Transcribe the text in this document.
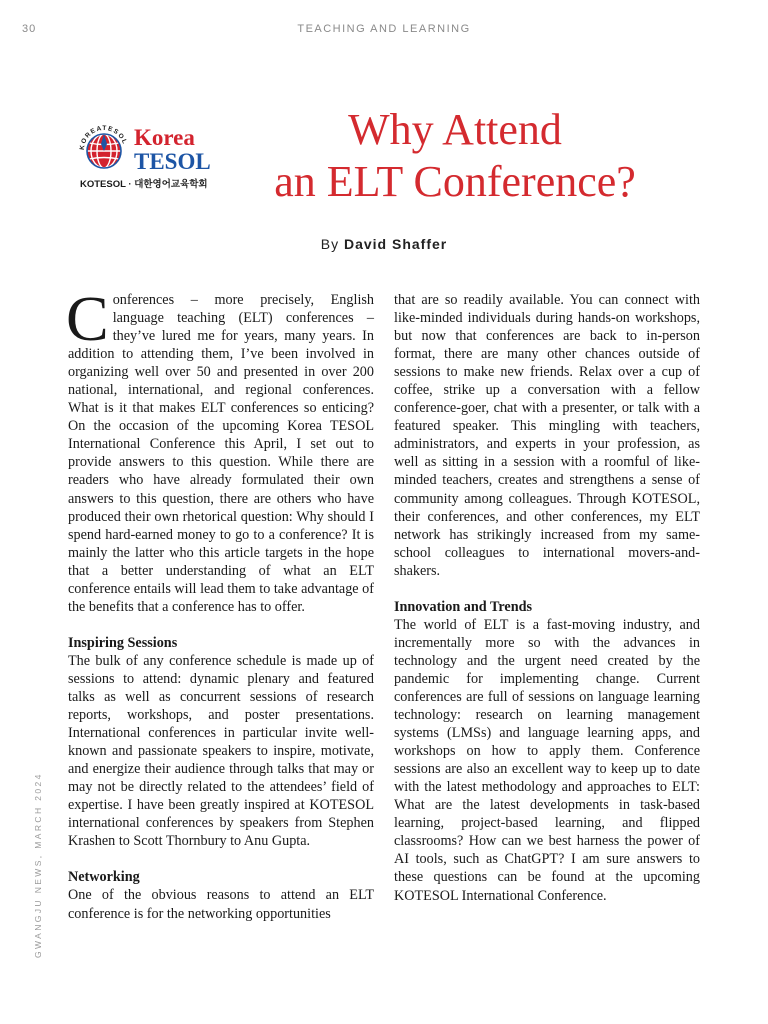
30	TEACHING AND LEARNING
GWANGJU NEWS, MARCH 2024
KOREATESOL Korea
TESOL
KOTESOL · 대한영어교육학회
Why Attend
an ELT Conference?
By David Shaffer

Conferences – more precisely, English language teaching (ELT) conferences – they’ve lured me for years, many years. In addition to attending them, I’ve been involved in organizing well over 50 and presented in over 200 national, international, and regional conferences. What is it that makes ELT conferences so enticing? On the occasion of the upcoming Korea TESOL International Conference this April, I set out to provide answers to this question. While there are readers who have already formulated their own answers to this question, there are others who have produced their own rhetorical question: Why should I spend hard-earned money to go to a conference? It is mainly the latter who this article targets in the hope that a better understanding of what an ELT conference entails will lead them to take advantage of the benefits that a conference has to offer.

Inspiring Sessions

The bulk of any conference schedule is made up of sessions to attend: dynamic plenary and featured talks as well as concurrent sessions of research reports, workshops, and poster presentations. International conferences in particular invite well-known and passionate speakers to inspire, motivate, and energize their audience through talks that may or may not be directly related to the attendees’ field of expertise. I have been greatly inspired at KOTESOL international conferences by speakers from Stephen Krashen to Scott Thornbury to Anu Gupta.

Networking

One of the obvious reasons to attend an ELT conference is for the networking opportunities

that are so readily available. You can connect with like-minded individuals during hands-on workshops, but now that conferences are back to in-person format, there are many other chances outside of sessions to make new friends. Relax over a cup of coffee, strike up a conversation with a fellow conference-goer, chat with a presenter, or talk with a featured speaker. This mingling with teachers, administrators, and experts in your profession, as well as sitting in a session with a roomful of like-minded teachers, creates and strengthens a sense of community among colleagues. Through KOTESOL, their conferences, and other conferences, my ELT network has strikingly increased from my same-school colleagues to international movers-and-shakers.

Innovation and Trends

The world of ELT is a fast-moving industry, and incrementally more so with the advances in technology and the urgent need created by the pandemic for implementing change. Current conferences are full of sessions on language learning technology: research on learning management systems (LMSs) and language learning apps, and workshops on how to apply them. Conference sessions are also an excellent way to keep up to date with the latest methodology and approaches to ELT: What are the latest developments in task-based learning, project-based learning, and flipped classrooms? How can we best harness the power of AI tools, such as ChatGPT? I am sure answers to these questions can be found at the upcoming KOTESOL International Conference.
